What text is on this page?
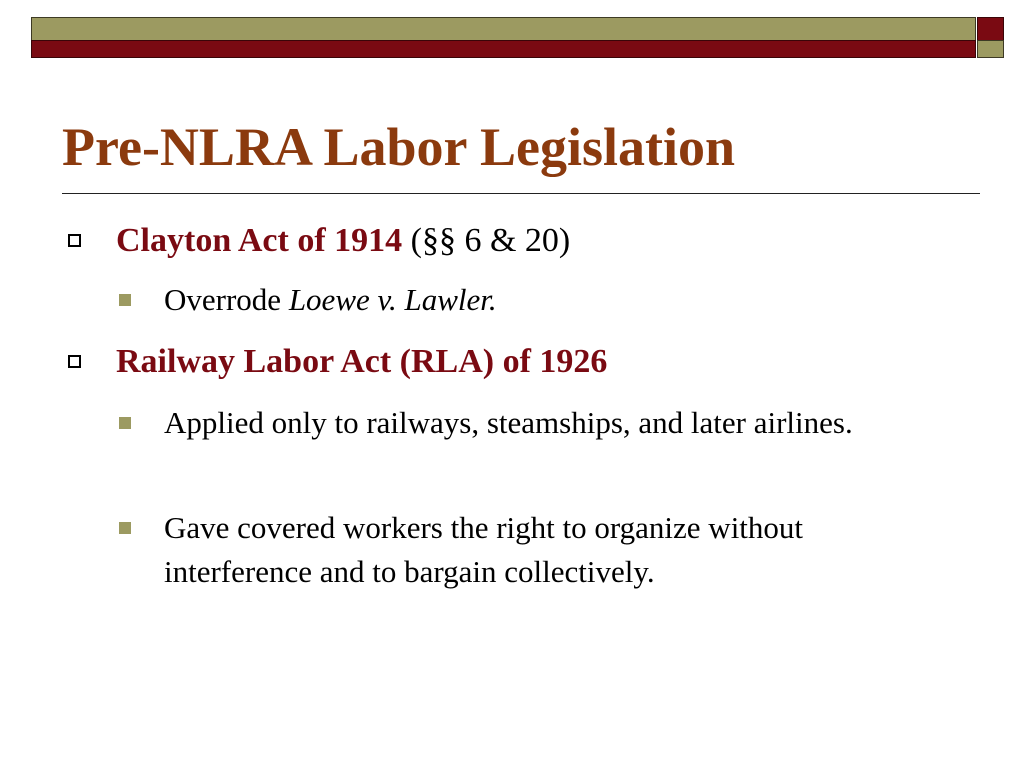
Pre-NLRA Labor Legislation
Clayton Act of 1914 (§§ 6 & 20)
Overrode Loewe v. Lawler.
Railway Labor Act (RLA) of 1926
Applied only to railways, steamships, and later airlines.
Gave covered workers the right to organize without interference and to bargain collectively.
